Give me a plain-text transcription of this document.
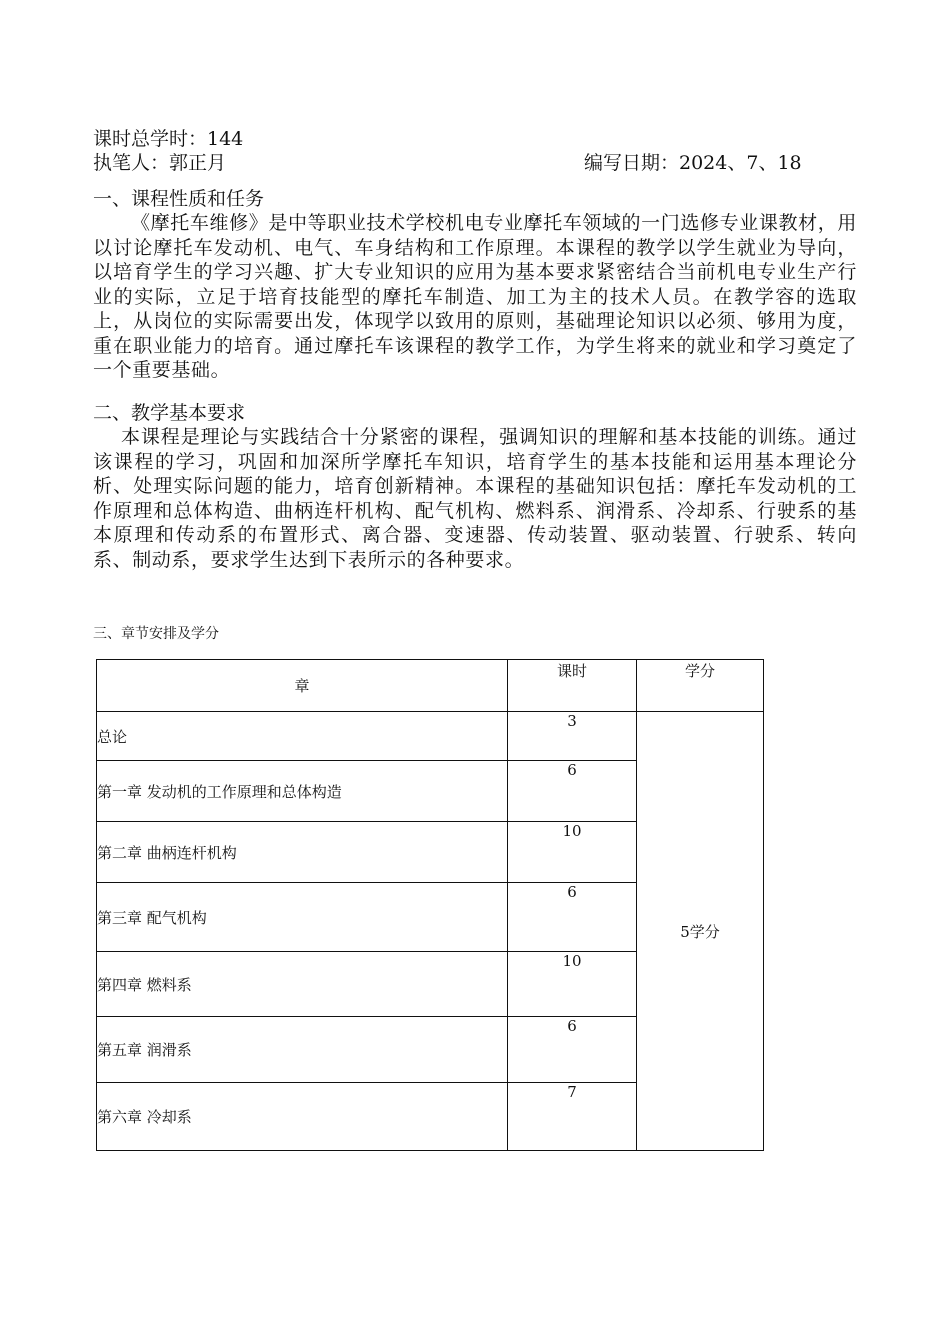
课时总学时：144
执笔人：郭正月	编写日期：2024、7、18
一、课程性质和任务
《摩托车维修》是中等职业技术学校机电专业摩托车领域的一门选修专业课教材，用以讨论摩托车发动机、电气、车身结构和工作原理。本课程的教学以学生就业为导向，以培育学生的学习兴趣、扩大专业知识的应用为基本要求紧密结合当前机电专业生产行业的实际，立足于培育技能型的摩托车制造、加工为主的技术人员。在教学容的选取上，从岗位的实际需要出发，体现学以致用的原则，基础理论知识以必须、够用为度，重在职业能力的培育。通过摩托车该课程的教学工作，为学生将来的就业和学习奠定了一个重要基础。
二、教学基本要求
本课程是理论与实践结合十分紧密的课程，强调知识的理解和基本技能的训练。通过该课程的学习，巩固和加深所学摩托车知识，培育学生的基本技能和运用基本理论分析、处理实际问题的能力，培育创新精神。本课程的基础知识包括：摩托车发动机的工作原理和总体构造、曲柄连杆机构、配气机构、燃料系、润滑系、冷却系、行驶系的基本原理和传动系的布置形式、离合器、变速器、传动装置、驱动装置、行驶系、转向系、制动系，要求学生达到下表所示的各种要求。
三、章节安排及学分
章	课时	学分
总论	3	5学分
第一章 发动机的工作原理和总体构造	6	
第二章 曲柄连杆机构	10	
第三章 配气机构	6	
第四章 燃料系	10	
第五章 润滑系	6	
第六章 冷却系	7	
